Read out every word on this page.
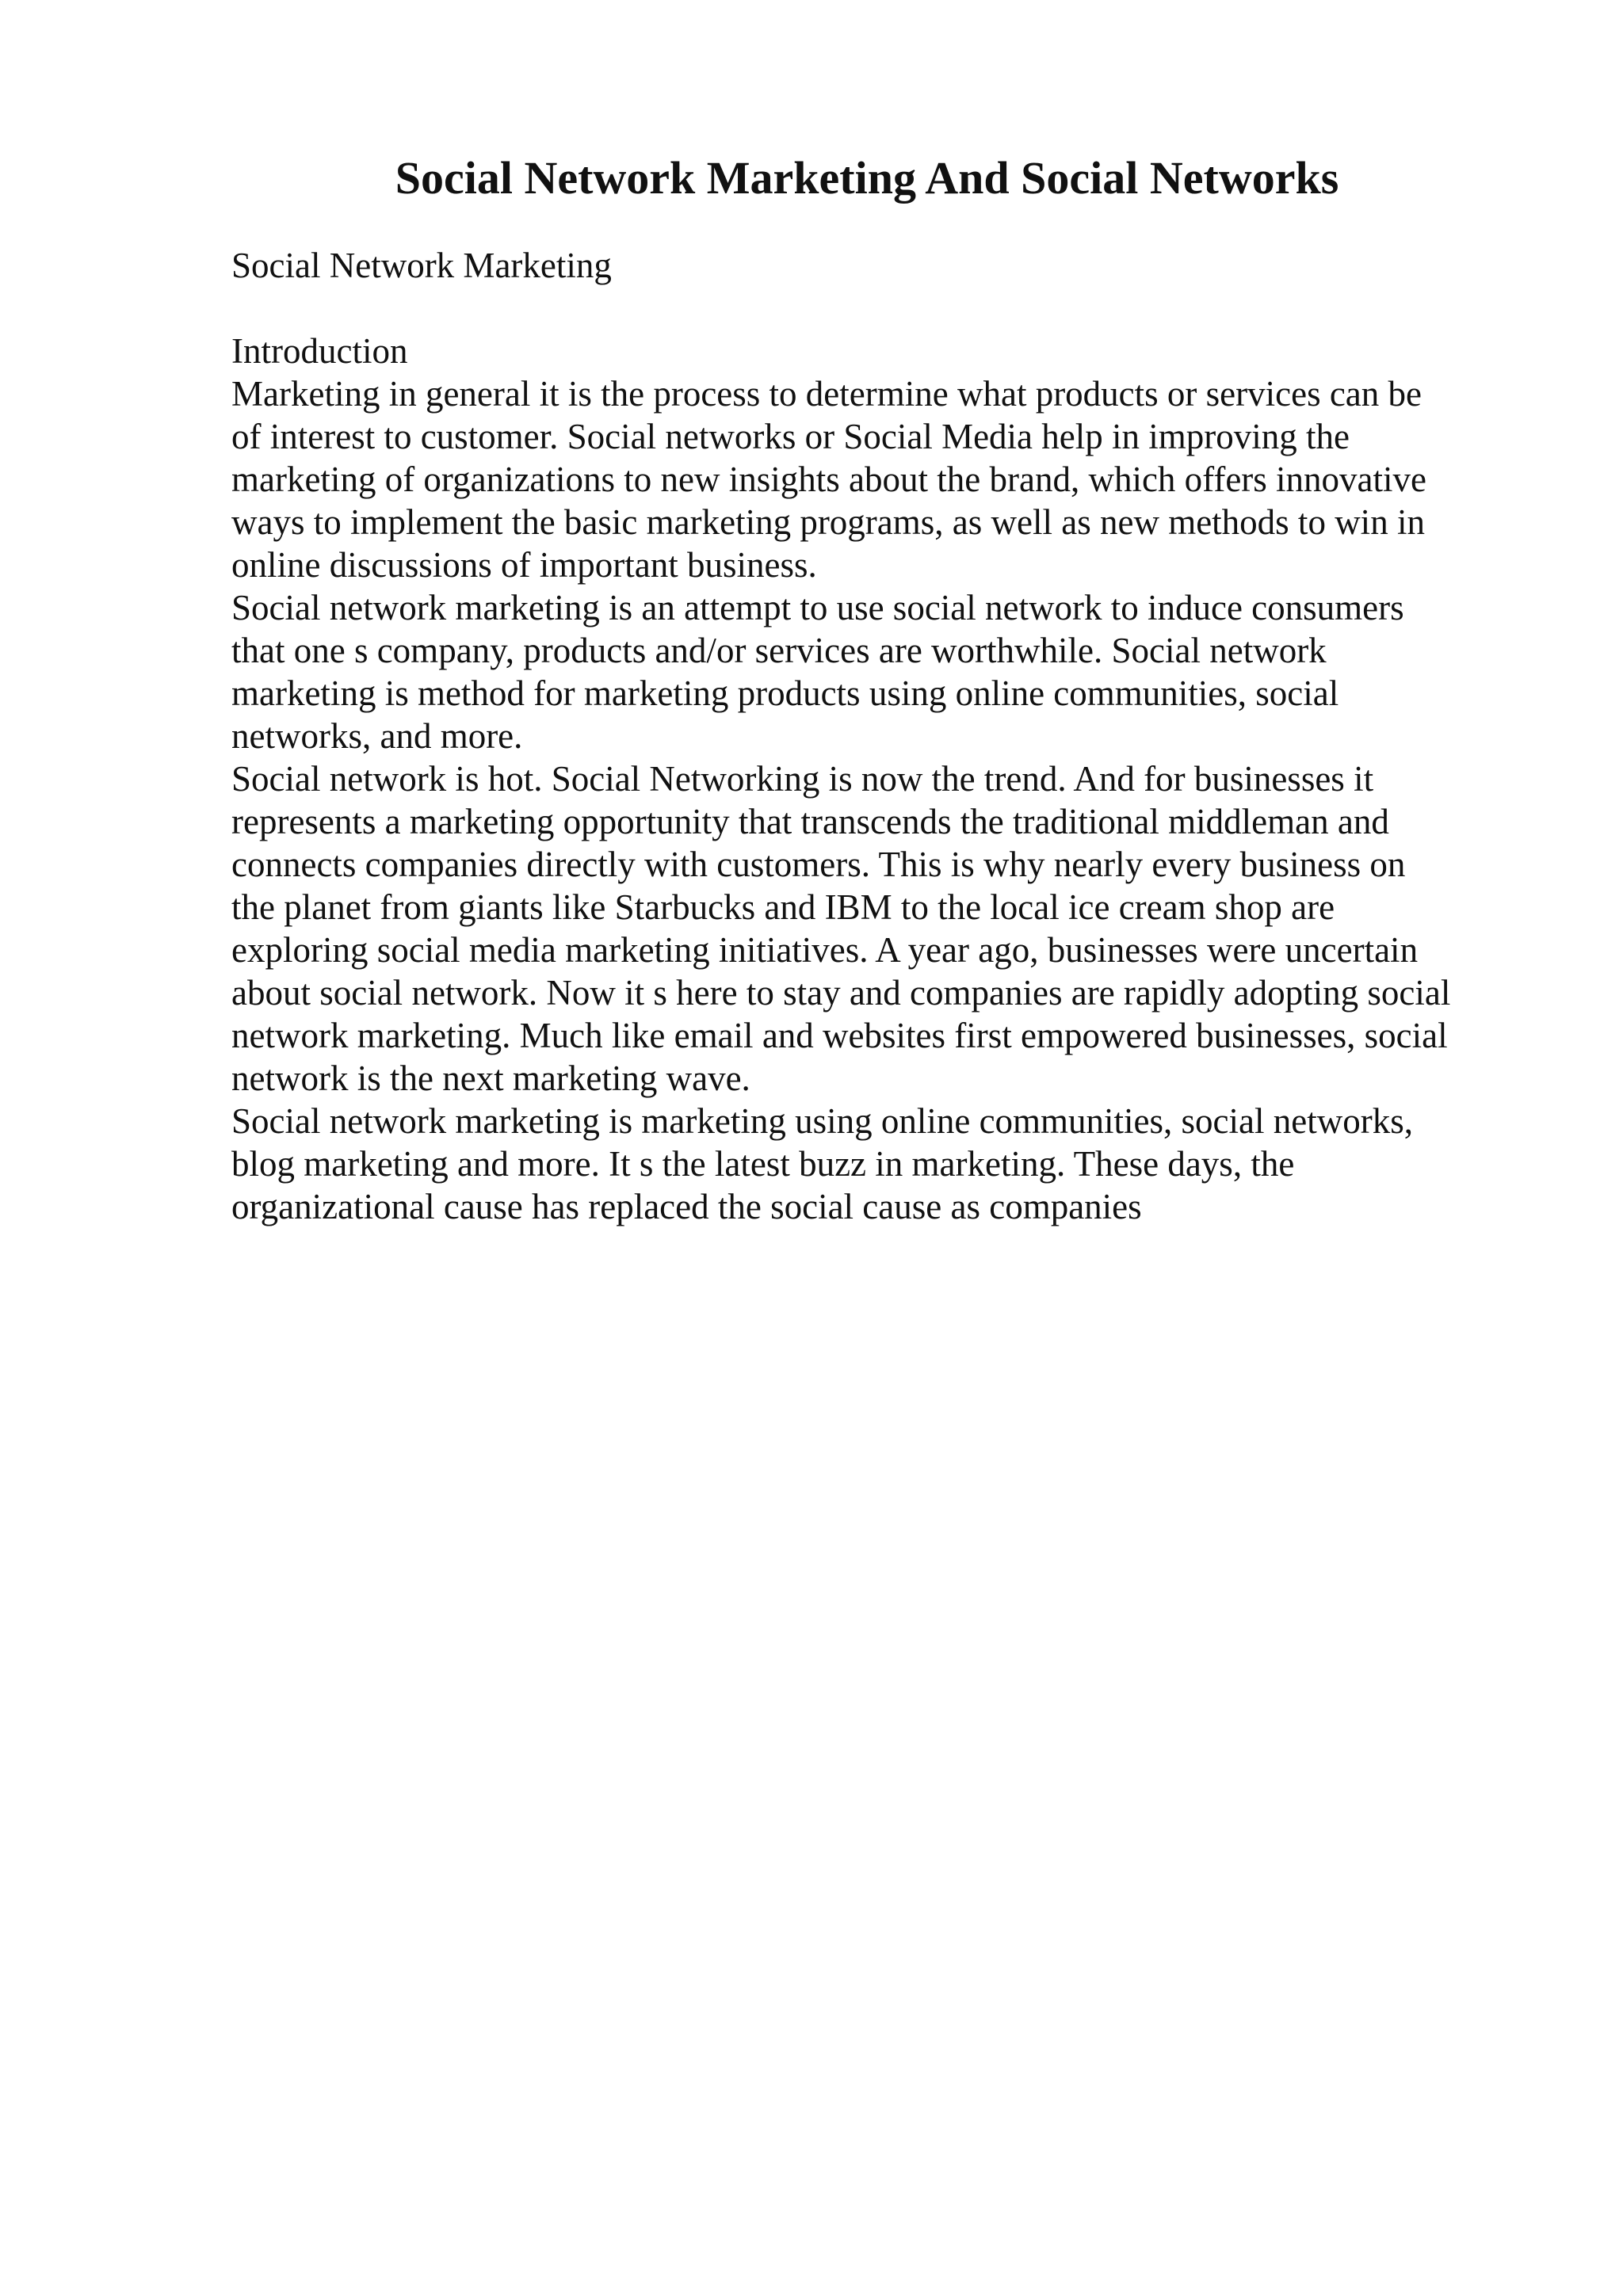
Social Network Marketing And Social Networks

Social Network Marketing

Introduction
Marketing in general it is the process to determine what products or services can be
of interest to customer. Social networks or Social Media help in improving the
marketing of organizations to new insights about the brand, which offers innovative
ways to implement the basic marketing programs, as well as new methods to win in
online discussions of important business.
Social network marketing is an attempt to use social network to induce consumers
that one s company, products and/or services are worthwhile. Social network
marketing is method for marketing products using online communities, social
networks, and more.
Social network is hot. Social Networking is now the trend. And for businesses it
represents a marketing opportunity that transcends the traditional middleman and
connects companies directly with customers. This is why nearly every business on
the planet from giants like Starbucks and IBM to the local ice cream shop are
exploring social media marketing initiatives. A year ago, businesses were uncertain
about social network. Now it s here to stay and companies are rapidly adopting social
network marketing. Much like email and websites first empowered businesses, social
network is the next marketing wave.
Social network marketing is marketing using online communities, social networks,
blog marketing and more. It s the latest buzz in marketing. These days, the
organizational cause has replaced the social cause as companies
